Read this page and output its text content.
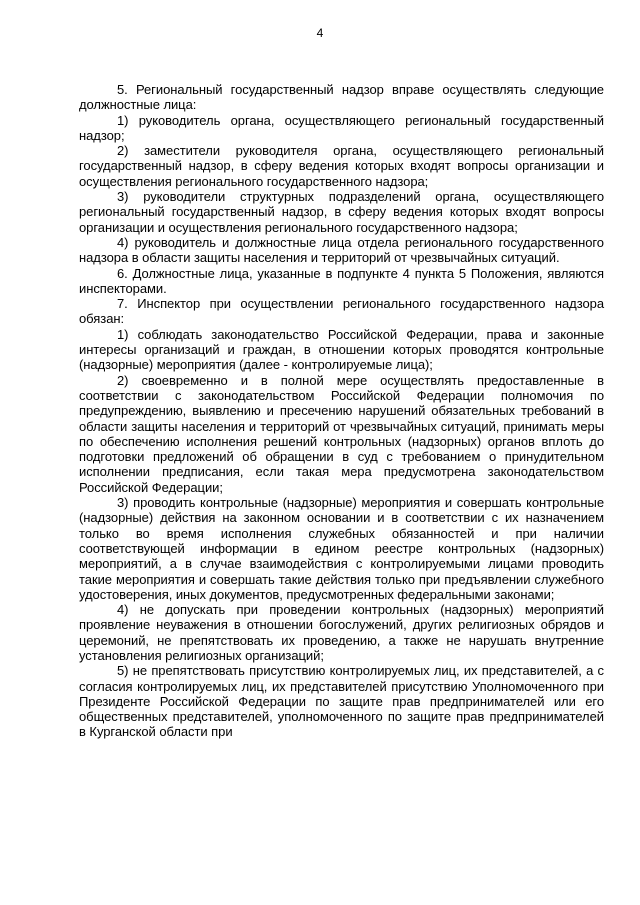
4

5. Региональный государственный надзор вправе осуществлять следующие должностные лица:

1) руководитель органа, осуществляющего региональный государственный надзор;

2) заместители руководителя органа, осуществляющего региональный государственный надзор, в сферу ведения которых входят вопросы организации и осуществления регионального государственного надзора;

3) руководители структурных подразделений органа, осуществляющего региональный государственный надзор, в сферу ведения которых входят вопросы организации и осуществления регионального государственного надзора;

4) руководитель и должностные лица отдела регионального государственного надзора в области защиты населения и территорий от чрезвычайных ситуаций.

6. Должностные лица, указанные в подпункте 4 пункта 5 Положения, являются инспекторами.

7. Инспектор при осуществлении регионального государственного надзора обязан:

1) соблюдать законодательство Российской Федерации, права и законные интересы организаций и граждан, в отношении которых проводятся контрольные (надзорные) мероприятия (далее - контролируемые лица);

2) своевременно и в полной мере осуществлять предоставленные в соответствии с законодательством Российской Федерации полномочия по предупреждению, выявлению и пресечению нарушений обязательных требований в области защиты населения и территорий от чрезвычайных ситуаций, принимать меры по обеспечению исполнения решений контрольных (надзорных) органов вплоть до подготовки предложений об обращении в суд с требованием о принудительном исполнении предписания, если такая мера предусмотрена законодательством Российской Федерации;

3) проводить контрольные (надзорные) мероприятия и совершать контрольные (надзорные) действия на законном основании и в соответствии с их назначением только во время исполнения служебных обязанностей и при наличии соответствующей информации в едином реестре контрольных (надзорных) мероприятий, а в случае взаимодействия с контролируемыми лицами проводить такие мероприятия и совершать такие действия только при предъявлении служебного удостоверения, иных документов, предусмотренных федеральными законами;

4) не допускать при проведении контрольных (надзорных) мероприятий проявление неуважения в отношении богослужений, других религиозных обрядов и церемоний, не препятствовать их проведению, а также не нарушать внутренние установления религиозных организаций;

5) не препятствовать присутствию контролируемых лиц, их представителей, а с согласия контролируемых лиц, их представителей присутствию Уполномоченного при Президенте Российской Федерации по защите прав предпринимателей или его общественных представителей, уполномоченного по защите прав предпринимателей в Курганской области при
